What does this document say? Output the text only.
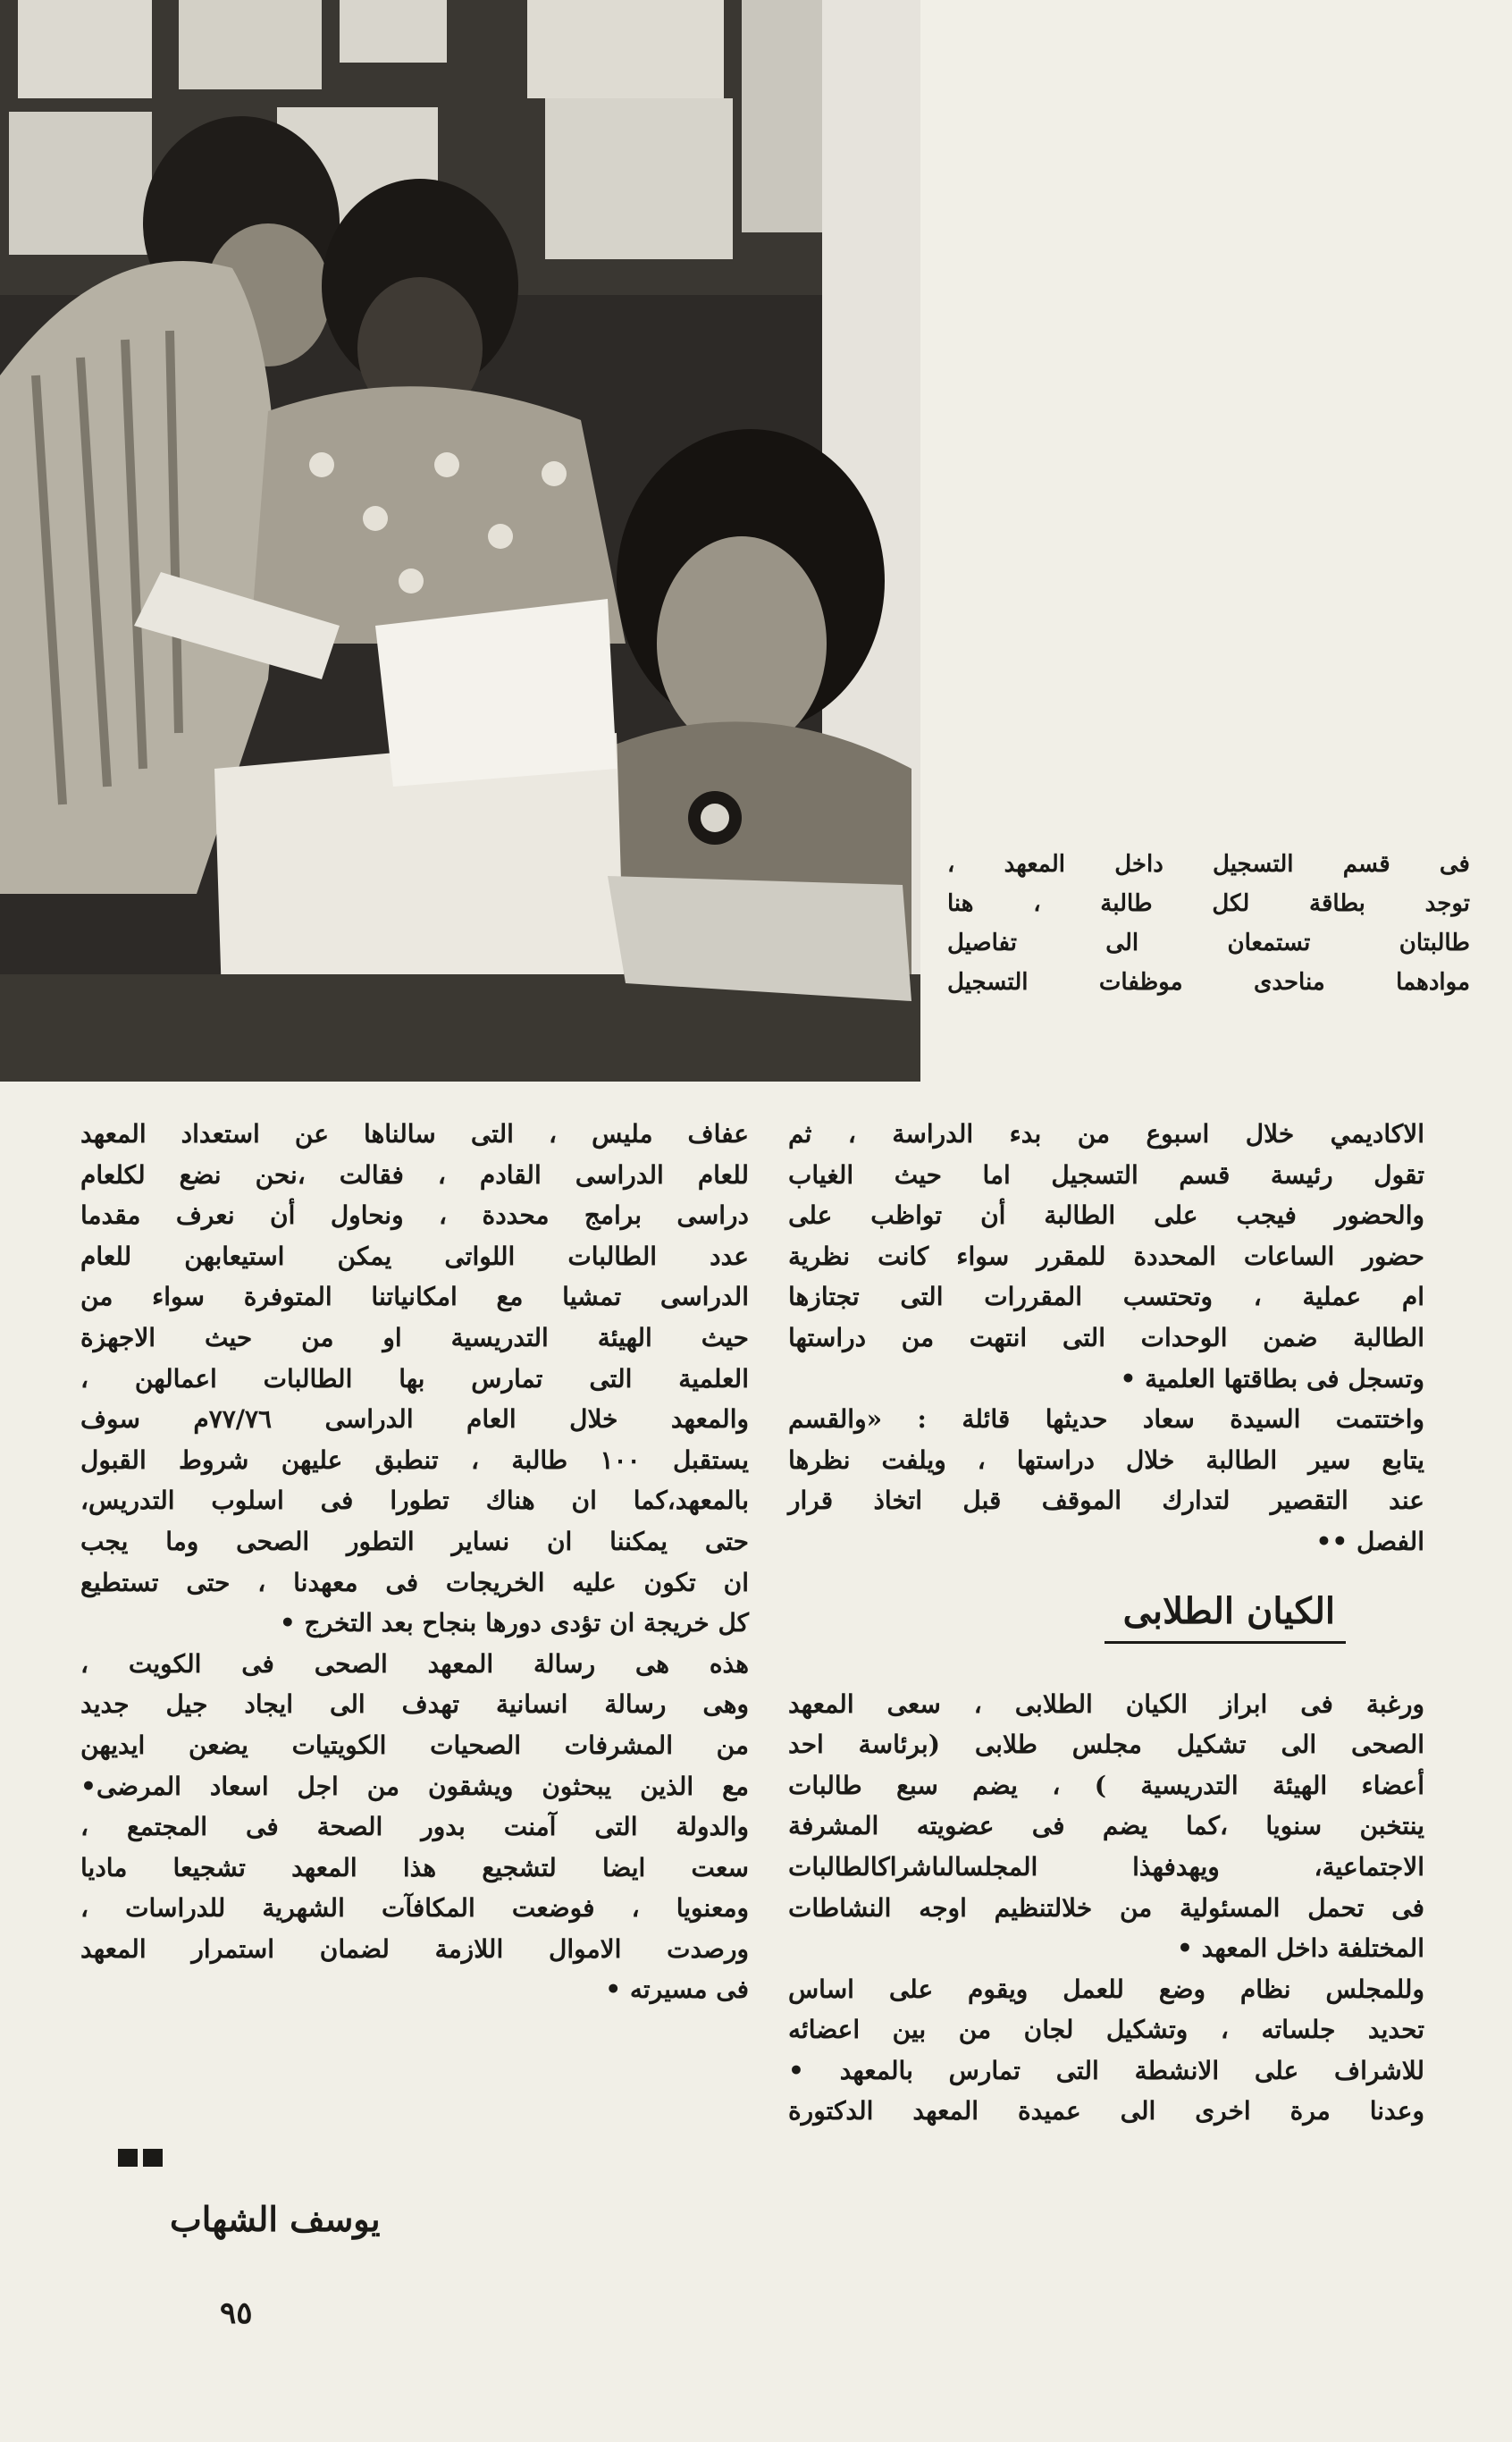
فى قسم التسجيل داخل المعهد ،
توجد بطاقة لكل طالبة ، هنا
طالبتان تستمعان الى تفاصيل
موادهما مناحدى موظفات التسجيل
الاكاديمي خلال اسبوع من بدء الدراسة ، ثم
تقول رئيسة قسم التسجيل اما حيث الغياب
والحضور فيجب على الطالبة أن تواظب على
حضور الساعات المحددة للمقرر سواء كانت نظرية
ام عملية ، وتحتسب المقررات التى تجتازها
الطالبة ضمن الوحدات التى انتهت من دراستها
وتسجل فى بطاقتها العلمية •
واختتمت السيدة سعاد حديثها قائلة : «والقسم
يتابع سير الطالبة خلال دراستها ، ويلفت نظرها
عند التقصير لتدارك الموقف قبل اتخاذ قرار
الفصل ••
الكيان الطلابى
ورغبة فى ابراز الكيان الطلابى ، سعى المعهد
الصحى الى تشكيل مجلس طلابى (برئاسة احد
أعضاء الهيئة التدريسية ) ، يضم سبع طالبات
ينتخبن سنويا ،كما يضم فى عضويته المشرفة
الاجتماعية، ويهدفهذا المجلسالىاشراكالطالبات
فى تحمل المسئولية من خلالتنظيم اوجه النشاطات
المختلفة داخل المعهد •
وللمجلس نظام وضع للعمل ويقوم على اساس
تحديد جلساته ، وتشكيل لجان من بين اعضائه
للاشراف على الانشطة التى تمارس بالمعهد •
وعدنا مرة اخرى الى عميدة المعهد الدكتورة
عفاف مليس ، التى سالناها عن استعداد المعهد
للعام الدراسى القادم ، فقالت ،نحن نضع لكلعام
دراسى برامج محددة ، ونحاول أن نعرف مقدما
عدد الطالبات اللواتى يمكن استيعابهن للعام
الدراسى تمشيا مع امكانياتنا المتوفرة سواء من
حيث الهيئة التدريسية او من حيث الاجهزة
العلمية التى تمارس بها الطالبات اعمالهن ،
والمعهد خلال العام الدراسى ٧٧/٧٦م سوف
يستقبل ١٠٠ طالبة ، تنطبق عليهن شروط القبول
بالمعهد،كما ان هناك تطورا فى اسلوب التدريس،
حتى يمكننا ان نساير التطور الصحى وما يجب
ان تكون عليه الخريجات فى معهدنا ، حتى تستطيع
كل خريجة ان تؤدى دورها بنجاح بعد التخرج •
هذه هى رسالة المعهد الصحى فى الكويت ،
وهى رسالة انسانية تهدف الى ايجاد جيل جديد
من المشرفات الصحيات الكويتيات يضعن ايديهن
مع الذين يبحثون ويشقون من اجل اسعاد المرضى•
والدولة التى آمنت بدور الصحة فى المجتمع ،
سعت ايضا لتشجيع هذا المعهد تشجيعا ماديا
ومعنويا ، فوضعت المكافآت الشهرية للدراسات ،
ورصدت الاموال اللازمة لضمان استمرار المعهد
فى مسيرته •
يوسف الشهاب
٩٥
